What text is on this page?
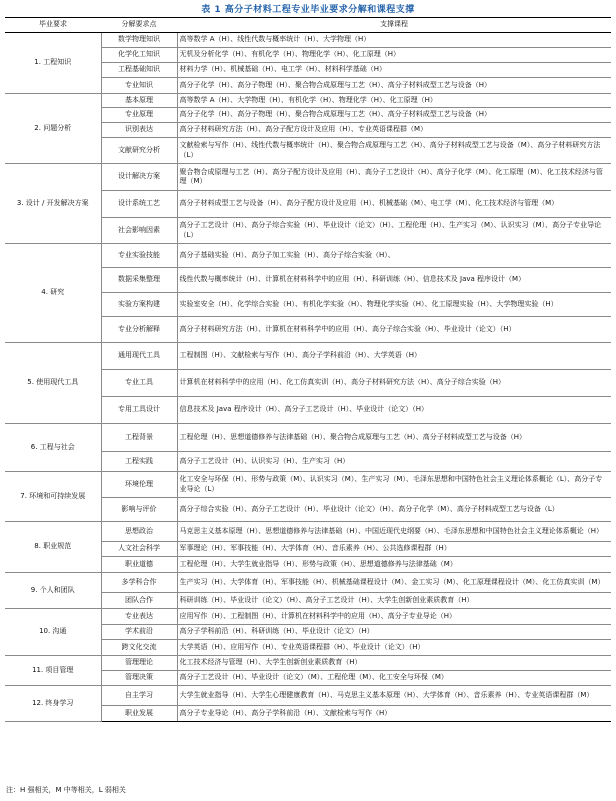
表 1 高分子材料工程专业毕业要求分解和课程支撑
毕业要求	分解要求点	支撑课程
1. 工程知识	数学物理知识	高等数学 A（H）、线性代数与概率统计（H）、大学物理（H）
	化学化工知识	无机及分析化学（H）、有机化学（H）、物理化学（H）、化工原理（H）
	工程基础知识	材料力学（H）、机械基础（H）、电工学（H）、材料科学基础（H）
	专业知识	高分子化学（H）、高分子物理（H）、聚合物合成原理与工艺（H）、高分子材料成型工艺与设备（H）
2. 问题分析	基本原理	高等数学 A（H）、大学物理（H）、有机化学（H）、物理化学（H）、化工原理（H）
	专业原理	高分子化学（H）、高分子物理（H）、聚合物合成原理与工艺（H）、高分子材料成型工艺与设备（H）
	识别表达	高分子材料研究方法（H）、高分子配方设计及应用（H）、专业英语课程群（M）
	文献研究分析	文献检索与写作（H）、线性代数与概率统计（H）、聚合物合成原理与工艺（H）、高分子材料成型工艺与设备（M）、高分子材料研究方法（L）
3. 设计 / 开发解决方案	设计解决方案	聚合物合成原理与工艺（H）、高分子配方设计及应用（H）、高分子工艺设计（H）、高分子化学（M）、化工原理（M）、化工技术经济与管理（M）
	设计系统工艺	高分子材料成型工艺与设备（H）、高分子配方设计及应用（H）、机械基础（M）、电工学（M）、化工技术经济与管理（M）
	社会影响因素	高分子工艺设计（H）、高分子综合实验（H）、毕业设计（论文）（H）、工程伦理（H）、生产实习（M）、认识实习（M）、高分子专业导论（L）
4. 研究	专业实验技能	高分子基础实验（H）、高分子加工实验（H）、高分子综合实验（H）、
	数据采集整理	线性代数与概率统计（H）、计算机在材料科学中的应用（H）、科研训练（H）、信息技术及 Java 程序设计（M）
	实验方案构建	实验室安全（H）、化学综合实验（H）、有机化学实验（H）、物理化学实验（H）、化工原理实验（H）、大学物理实验（H）
	专业分析解释	高分子材料研究方法（H）、计算机在材料科学中的应用（H）、高分子综合实验（H）、毕业设计（论文）（H）
5. 使用现代工具	通用现代工具	工程制图（H）、文献检索与写作（H）、高分子学科前沿（H）、大学英语（H）
	专业工具	计算机在材料科学中的应用（H）、化工仿真实训（H）、高分子材料研究方法（H）、高分子综合实验（H）
	专用工具设计	信息技术及 Java 程序设计（H）、高分子工艺设计（H）、毕业设计（论文）（H）
6. 工程与社会	工程背景	工程伦理（H）、思想道德修养与法律基础（H）、聚合物合成原理与工艺（H）、高分子材料成型工艺与设备（H）
	工程实践	高分子工艺设计（H）、认识实习（H）、生产实习（H）
7. 环境和可持续发展	环境伦理	化工安全与环保（H）、形势与政策（M）、认识实习（M）、生产实习（M）、毛泽东思想和中国特色社会主义理论体系概论（L）、高分子专业导论（L）
	影响与评价	高分子综合实验（H）、高分子工艺设计（H）、毕业设计（论文）（H）、高分子化学（M）、高分子材料成型工艺与设备（L）
8. 职业规范	思想政治	马克思主义基本原理（H）、思想道德修养与法律基础（H）、中国近现代史纲要（H）、毛泽东思想和中国特色社会主义理论体系概论（H）
	人文社会科学	军事理论（H）、军事技能（H）、大学体育（H）、音乐素养（H）、公共选修课程群（H）
	职业道德	工程伦理（H）、大学生就业指导（H）、形势与政策（H）、思想道德修养与法律基础（M）
9. 个人和团队	多学科合作	生产实习（H）、大学体育（H）、军事技能（H）、机械基础课程设计（M）、金工实习（M）、化工原理课程设计（M）、化工仿真实训（M）
	团队合作	科研训练（H）、毕业设计（论文）（H）、高分子工艺设计（H）、大学生创新创业素质教育（H）
10. 沟通	专业表达	应用写作（H）、工程制图（H）、计算机在材料科学中的应用（H）、高分子专业导论（H）
	学术前沿	高分子学科前沿（H）、科研训练（H）、毕业设计（论文）（H）
	跨文化交流	大学英语（H）、应用写作（H）、专业英语课程群（H）、毕业设计（论文）（H）
11. 项目管理	管理理论	化工技术经济与管理（H）、大学生创新创业素质教育（H）
	管理决策	高分子工艺设计（H）、毕业设计（论文）（M）、工程伦理（M）、化工安全与环保（M）
12. 终身学习	自主学习	大学生就业指导（H）、大学生心理健康教育（H）、马克思主义基本原理（H）、大学体育（H）、音乐素养（H）、专业英语课程群（M）
	职业发展	高分子专业导论（H）、高分子学科前沿（H）、文献检索与写作（H）
注：H 强相关，M 中等相关，L 弱相关
